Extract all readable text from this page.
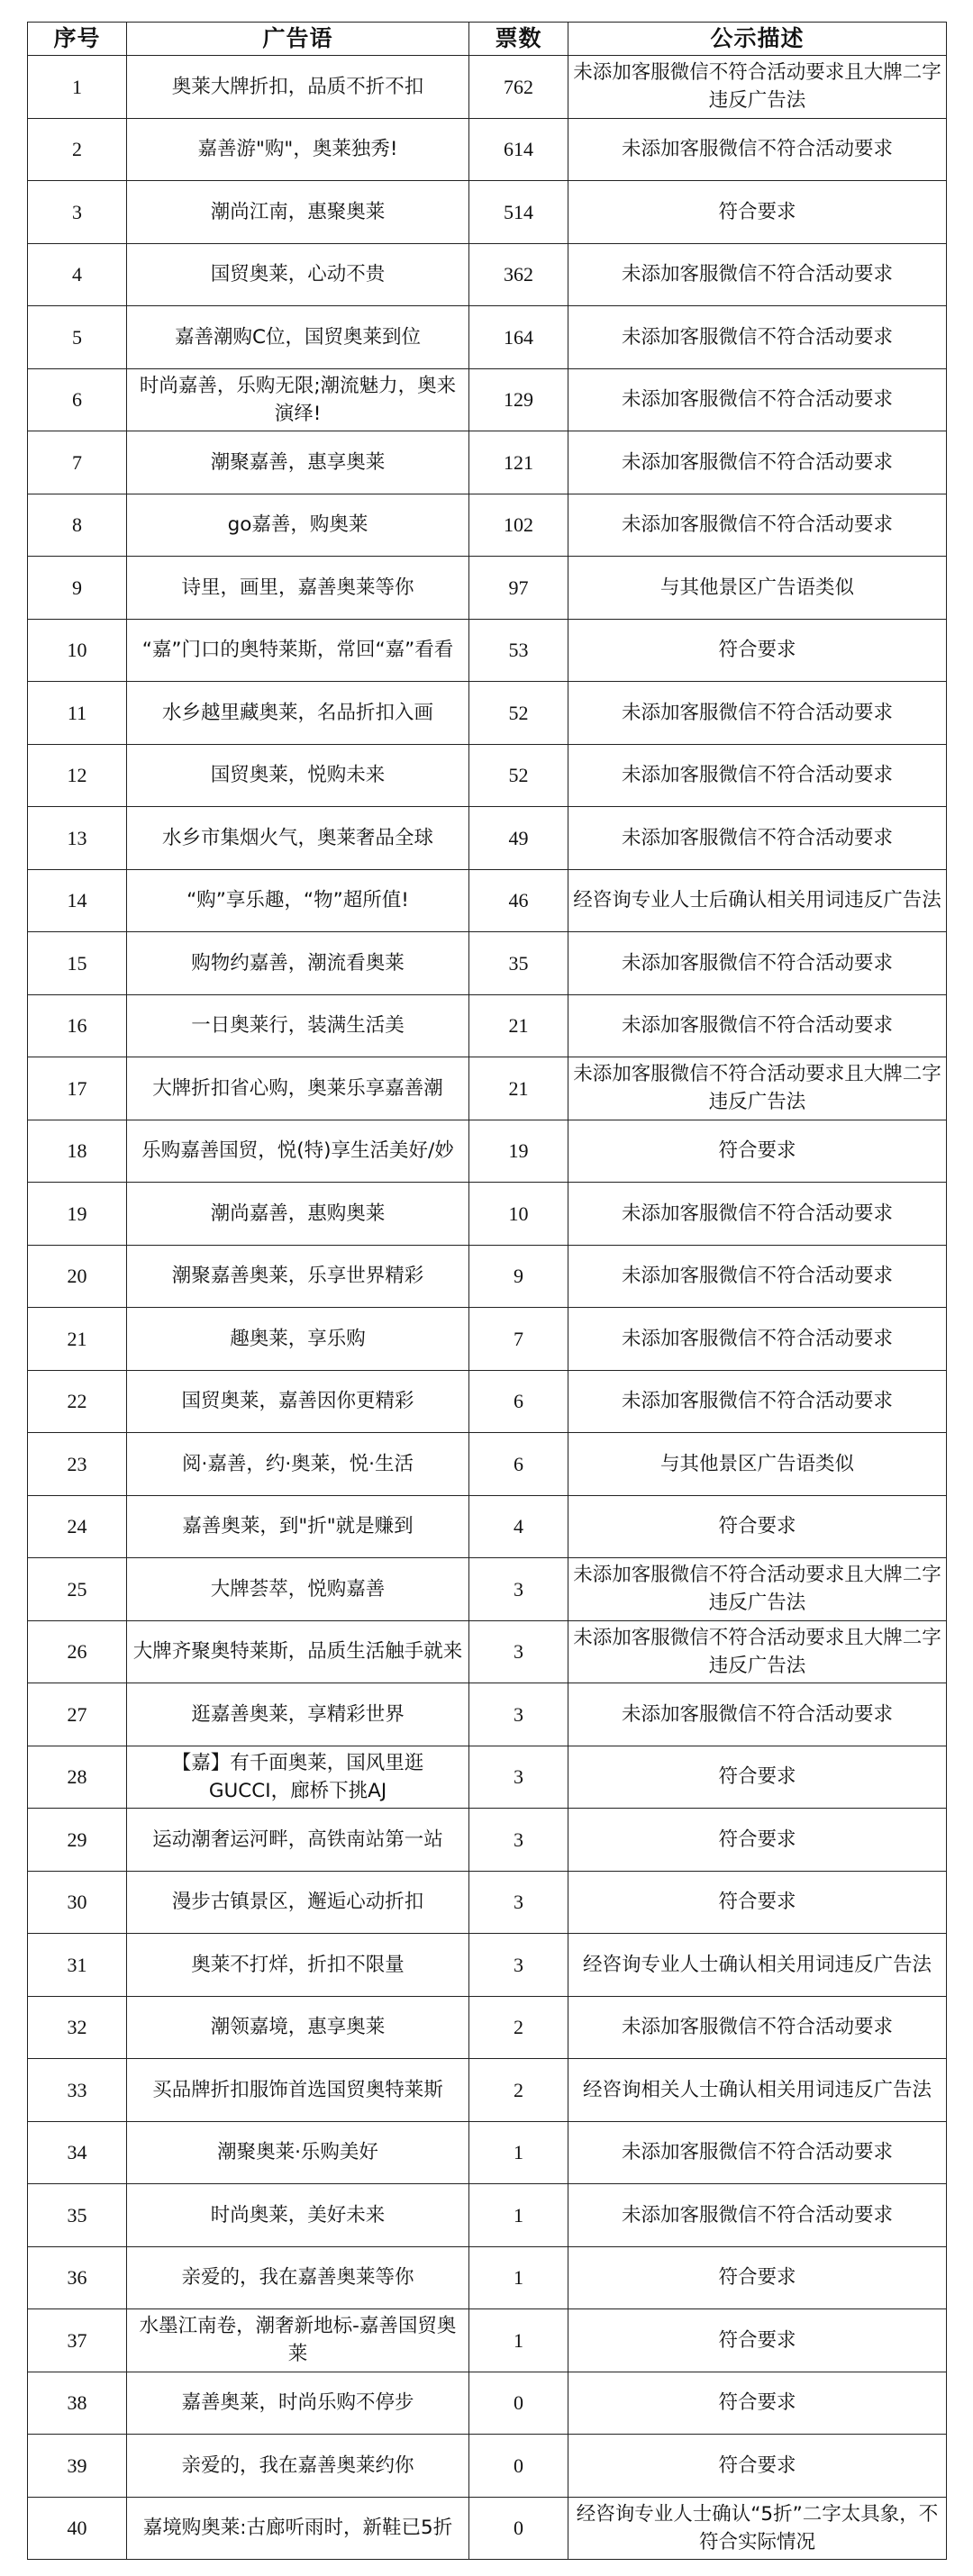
序号	广告语	票数	公示描述
1	奥莱大牌折扣，品质不折不扣	762	未添加客服微信不符合活动要求且大牌二字违反广告法
2	嘉善游"购"，奥莱独秀!	614	未添加客服微信不符合活动要求
3	潮尚江南，惠聚奥莱	514	符合要求
4	国贸奥莱，心动不贵	362	未添加客服微信不符合活动要求
5	嘉善潮购C位，国贸奥莱到位	164	未添加客服微信不符合活动要求
6	时尚嘉善，乐购无限;潮流魅力，奥来演绎!	129	未添加客服微信不符合活动要求
7	潮聚嘉善，惠享奥莱	121	未添加客服微信不符合活动要求
8	go嘉善，购奥莱	102	未添加客服微信不符合活动要求
9	诗里，画里，嘉善奥莱等你	97	与其他景区广告语类似
10	“嘉”门口的奥特莱斯，常回“嘉”看看	53	符合要求
11	水乡越里藏奥莱，名品折扣入画	52	未添加客服微信不符合活动要求
12	国贸奥莱，悦购未来	52	未添加客服微信不符合活动要求
13	水乡市集烟火气，奥莱奢品全球	49	未添加客服微信不符合活动要求
14	“购”享乐趣，“物”超所值!	46	经咨询专业人士后确认相关用词违反广告法
15	购物约嘉善，潮流看奥莱	35	未添加客服微信不符合活动要求
16	一日奥莱行，装满生活美	21	未添加客服微信不符合活动要求
17	大牌折扣省心购，奥莱乐享嘉善潮	21	未添加客服微信不符合活动要求且大牌二字违反广告法
18	乐购嘉善国贸，悦(特)享生活美好/妙	19	符合要求
19	潮尚嘉善，惠购奥莱	10	未添加客服微信不符合活动要求
20	潮聚嘉善奥莱，乐享世界精彩	9	未添加客服微信不符合活动要求
21	趣奥莱，享乐购	7	未添加客服微信不符合活动要求
22	国贸奥莱，嘉善因你更精彩	6	未添加客服微信不符合活动要求
23	阅·嘉善，约·奥莱，悦·生活	6	与其他景区广告语类似
24	嘉善奥莱，到"折"就是赚到	4	符合要求
25	大牌荟萃，悦购嘉善	3	未添加客服微信不符合活动要求且大牌二字违反广告法
26	大牌齐聚奥特莱斯，品质生活触手就来	3	未添加客服微信不符合活动要求且大牌二字违反广告法
27	逛嘉善奥莱，享精彩世界	3	未添加客服微信不符合活动要求
28	【嘉】有千面奥莱，国风里逛GUCCI，廊桥下挑AJ	3	符合要求
29	运动潮奢运河畔，高铁南站第一站	3	符合要求
30	漫步古镇景区，邂逅心动折扣	3	符合要求
31	奥莱不打烊，折扣不限量	3	经咨询专业人士确认相关用词违反广告法
32	潮领嘉境，惠享奥莱	2	未添加客服微信不符合活动要求
33	买品牌折扣服饰首选国贸奥特莱斯	2	经咨询相关人士确认相关用词违反广告法
34	潮聚奥莱·乐购美好	1	未添加客服微信不符合活动要求
35	时尚奥莱，美好未来	1	未添加客服微信不符合活动要求
36	亲爱的，我在嘉善奥莱等你	1	符合要求
37	水墨江南卷，潮奢新地标-嘉善国贸奥莱	1	符合要求
38	嘉善奥莱，时尚乐购不停步	0	符合要求
39	亲爱的，我在嘉善奥莱约你	0	符合要求
40	嘉境购奥莱:古廊听雨时，新鞋已5折	0	经咨询专业人士确认“5折”二字太具象，不符合实际情况
